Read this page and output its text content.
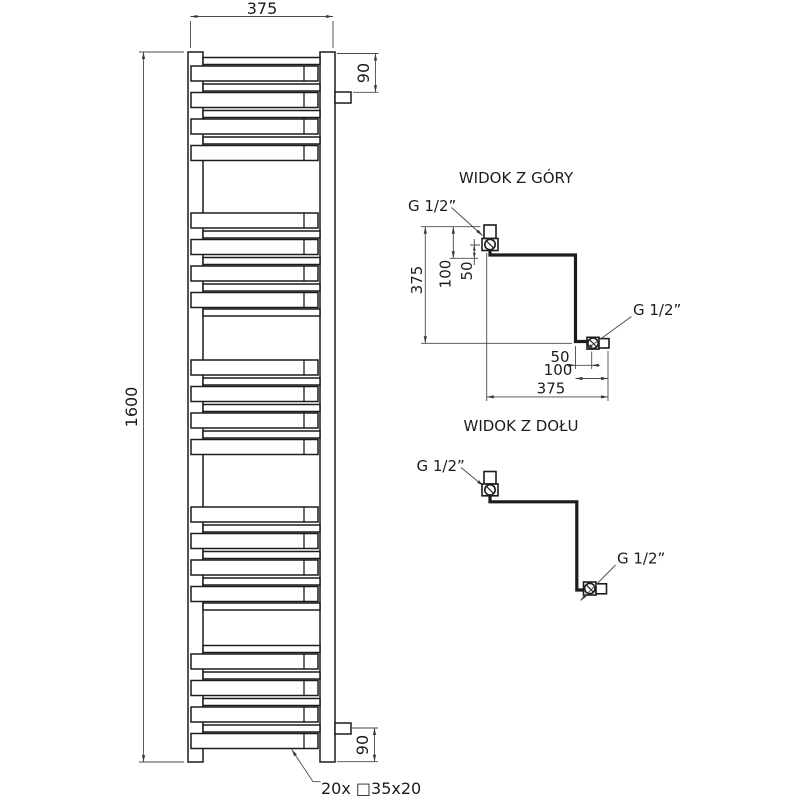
375
1600
90
90
20x □35x20
WIDOK Z GÓRY
G 1/2”
G 1/2”
375 100 50
50
100
375
WIDOK Z DOŁU
G 1/2”
G 1/2”
